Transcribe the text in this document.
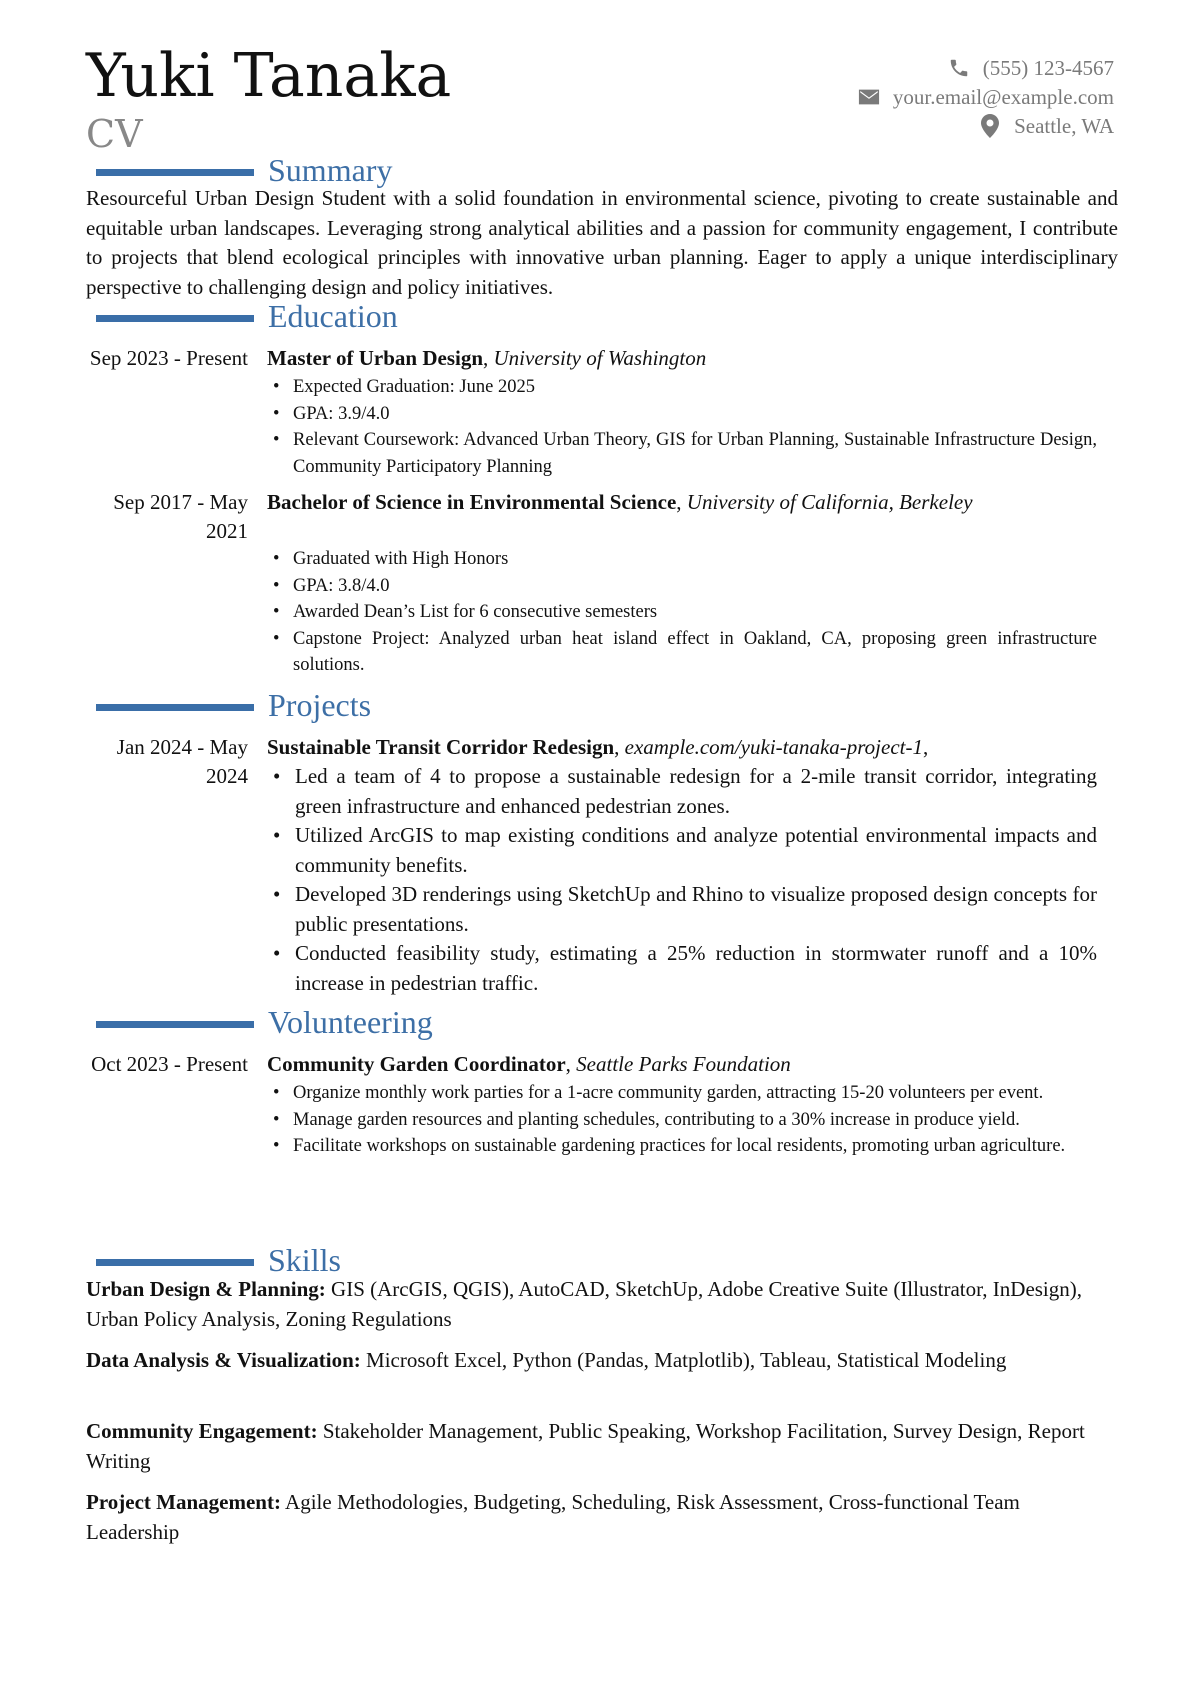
Yuki Tanaka
CV
(555) 123-4567
your.email@example.com
Seattle, WA
Summary
Resourceful Urban Design Student with a solid foundation in environmental science, pivoting to create sustainable and equitable urban landscapes. Leveraging strong analytical abilities and a passion for community engagement, I contribute to projects that blend ecological principles with innovative urban planning. Eager to apply a unique interdisciplinary perspective to challenging design and policy initiatives.
Education
Sep 2023 - Present Master of Urban Design, University of Washington
• Expected Graduation: June 2025
• GPA: 3.9/4.0
• Relevant Coursework: Advanced Urban Theory, GIS for Urban Planning, Sustainable Infrastructure Design, Community Participatory Planning
Sep 2017 - May 2021
Bachelor of Science in Environmental Science, University of California, Berkeley
• Graduated with High Honors
• GPA: 3.8/4.0
• Awarded Dean’s List for 6 consecutive semesters
• Capstone Project: Analyzed urban heat island effect in Oakland, CA, proposing green infrastructure solutions.
Projects
Jan 2024 - May 2024
Sustainable Transit Corridor Redesign, example.com/yuki-tanaka-project-1,
• Led a team of 4 to propose a sustainable redesign for a 2-mile transit corridor, integrating green infrastructure and enhanced pedestrian zones.
• Utilized ArcGIS to map existing conditions and analyze potential environmental impacts and community benefits.
• Developed 3D renderings using SketchUp and Rhino to visualize proposed design concepts for public presentations.
• Conducted feasibility study, estimating a 25% reduction in stormwater runoff and a 10% increase in pedestrian traffic.
Volunteering
Oct 2023 - Present Community Garden Coordinator, Seattle Parks Foundation
• Organize monthly work parties for a 1-acre community garden, attracting 15-20 volunteers per event.
• Manage garden resources and planting schedules, contributing to a 30% increase in produce yield.
• Facilitate workshops on sustainable gardening practices for local residents, promoting urban agriculture.
Skills
Urban Design & Planning: GIS (ArcGIS, QGIS), AutoCAD, SketchUp, Adobe Creative Suite (Illustrator, InDesign), Urban Policy Analysis, Zoning Regulations
Data Analysis & Visualization: Microsoft Excel, Python (Pandas, Matplotlib), Tableau, Statistical Modeling
Community Engagement: Stakeholder Management, Public Speaking, Workshop Facilitation, Survey Design, Report Writing
Project Management: Agile Methodologies, Budgeting, Scheduling, Risk Assessment, Cross-functional Team Leadership
